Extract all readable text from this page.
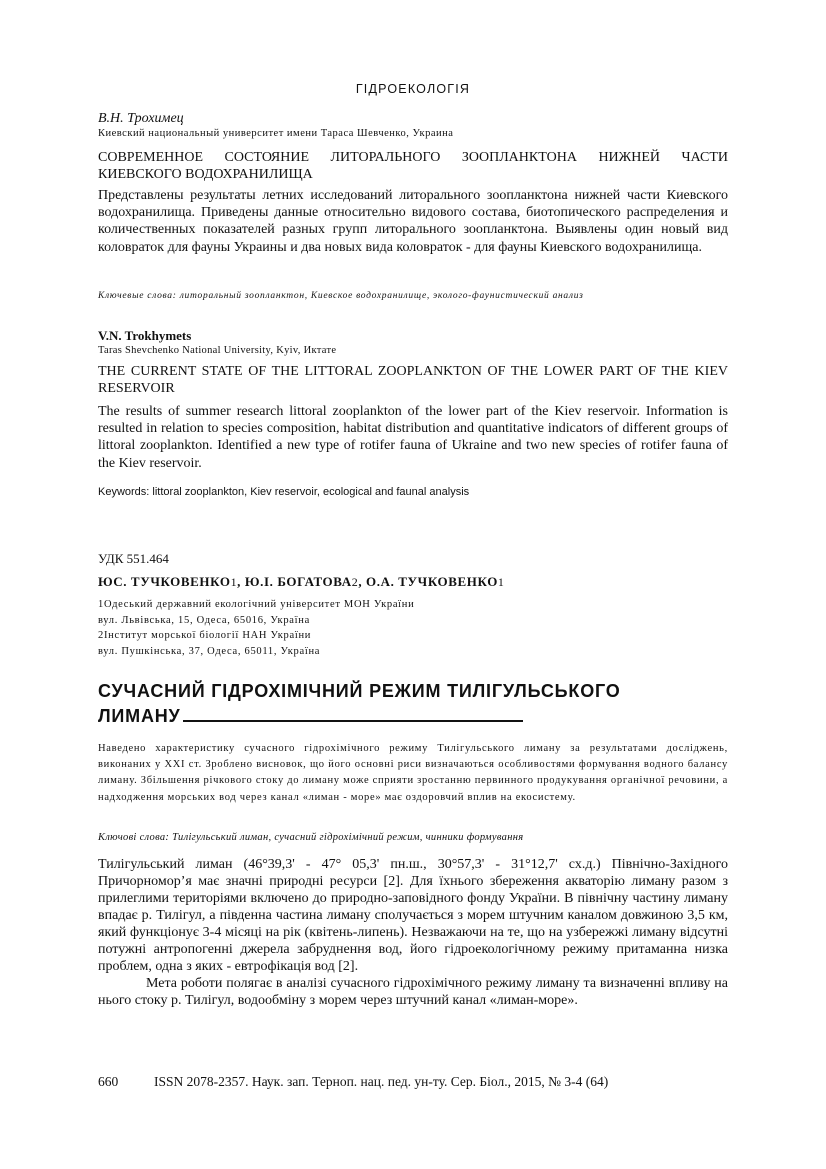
ГІДРОЕКОЛОГІЯ
В.Н. Трохимец
Киевский национальный университет имени Тараса Шевченко, Украина
СОВРЕМЕННОЕ СОСТОЯНИЕ ЛИТОРАЛЬНОГО ЗООПЛАНКТОНА НИЖНЕЙ ЧАСТИ
КИЕВСКОГО ВОДОХРАНИЛИЩА
Представлены результаты летних исследований литорального зоопланктона нижней части Киевского водохранилища. Приведены данные относительно видового состава, биотопического распределения и количественных показателей разных групп литорального зоопланктона. Выявлены один новый вид коловраток для фауны Украины и два новых вида коловраток - для фауны Киевского водохранилища.
Ключевые слова: литоральный зоопланктон, Киевское водохранилище, эколого-фаунистический анализ
V.N. Trokhymets
Taras Shevchenko National University, Kyiv, Иктате
THE CURRENT STATE OF THE LITTORAL ZOOPLANKTON OF THE LOWER PART OF THE KIEV RESERVOIR
The results of summer research littoral zooplankton of the lower part of the Kiev reservoir. Information is resulted in relation to species composition, habitat distribution and quantitative indicators of different groups of littoral zooplankton. Identified a new type of rotifer fauna of Ukraine and two new species of rotifer fauna of the Kiev reservoir.
Keywords: littoral zooplankton, Kiev reservoir, ecological and faunal analysis
УДК 551.464
ЮС. ТУЧКОВЕНКО1, Ю.І. БОГАТОВА2, О.А. ТУЧКОВЕНКО1
1Одеський державний екологічний університет МОН України
вул. Львівська, 15, Одеса, 65016, Україна
2Інститут морської біології НАН України
вул. Пушкінська, 37, Одеса, 65011, Україна
СУЧАСНИЙ ГІДРОХІМІЧНИЙ РЕЖИМ ТИЛІГУЛЬСЬКОГО
ЛИМАНУ
Наведено характеристику сучасного гідрохімічного режиму Тилігульського лиману за результатами досліджень, виконаних у XXI ст. Зроблено висновок, що його основні риси визначаються особливостями формування водного балансу лиману. Збільшення річкового стоку до лиману може сприяти зростанню первинного продукування органічної речовини, а надходження морських вод через канал «лиман - море» має оздоровчий вплив на екосистему.
Ключові слова: Тилігульський лиман, сучасний гідрохімічний режим, чинники формування

Тилігульський лиман (46°39,3' - 47° 05,3' пн.ш., 30°57,3' - 31°12,7' сх.д.) Північно-Західного Причорномор’я має значні природні ресурси [2]. Для їхнього збереження акваторію лиману разом з прилеглими територіями включено до природно-заповідного фонду України. В північну частину лиману впадає р. Тилігул, а південна частина лиману сполучається з морем штучним каналом довжиною 3,5 км, який функціонує 3-4 місяці на рік (квітень-липень). Незважаючи на те, що на узбережжі лиману відсутні потужні антропогенні джерела забруднення вод, його гідроекологічному режиму притаманна низка проблем, одна з яких - евтрофікація вод [2].

Мета роботи полягає в аналізі сучасного гідрохімічного режиму лиману та визначенні впливу на нього стоку р. Тилігул, водообміну з морем через штучний канал «лиман-море».

660	ISSN 2078-2357. Наук. зап. Терноп. нац. пед. ун-ту. Сер. Біол., 2015, № 3-4 (64)
